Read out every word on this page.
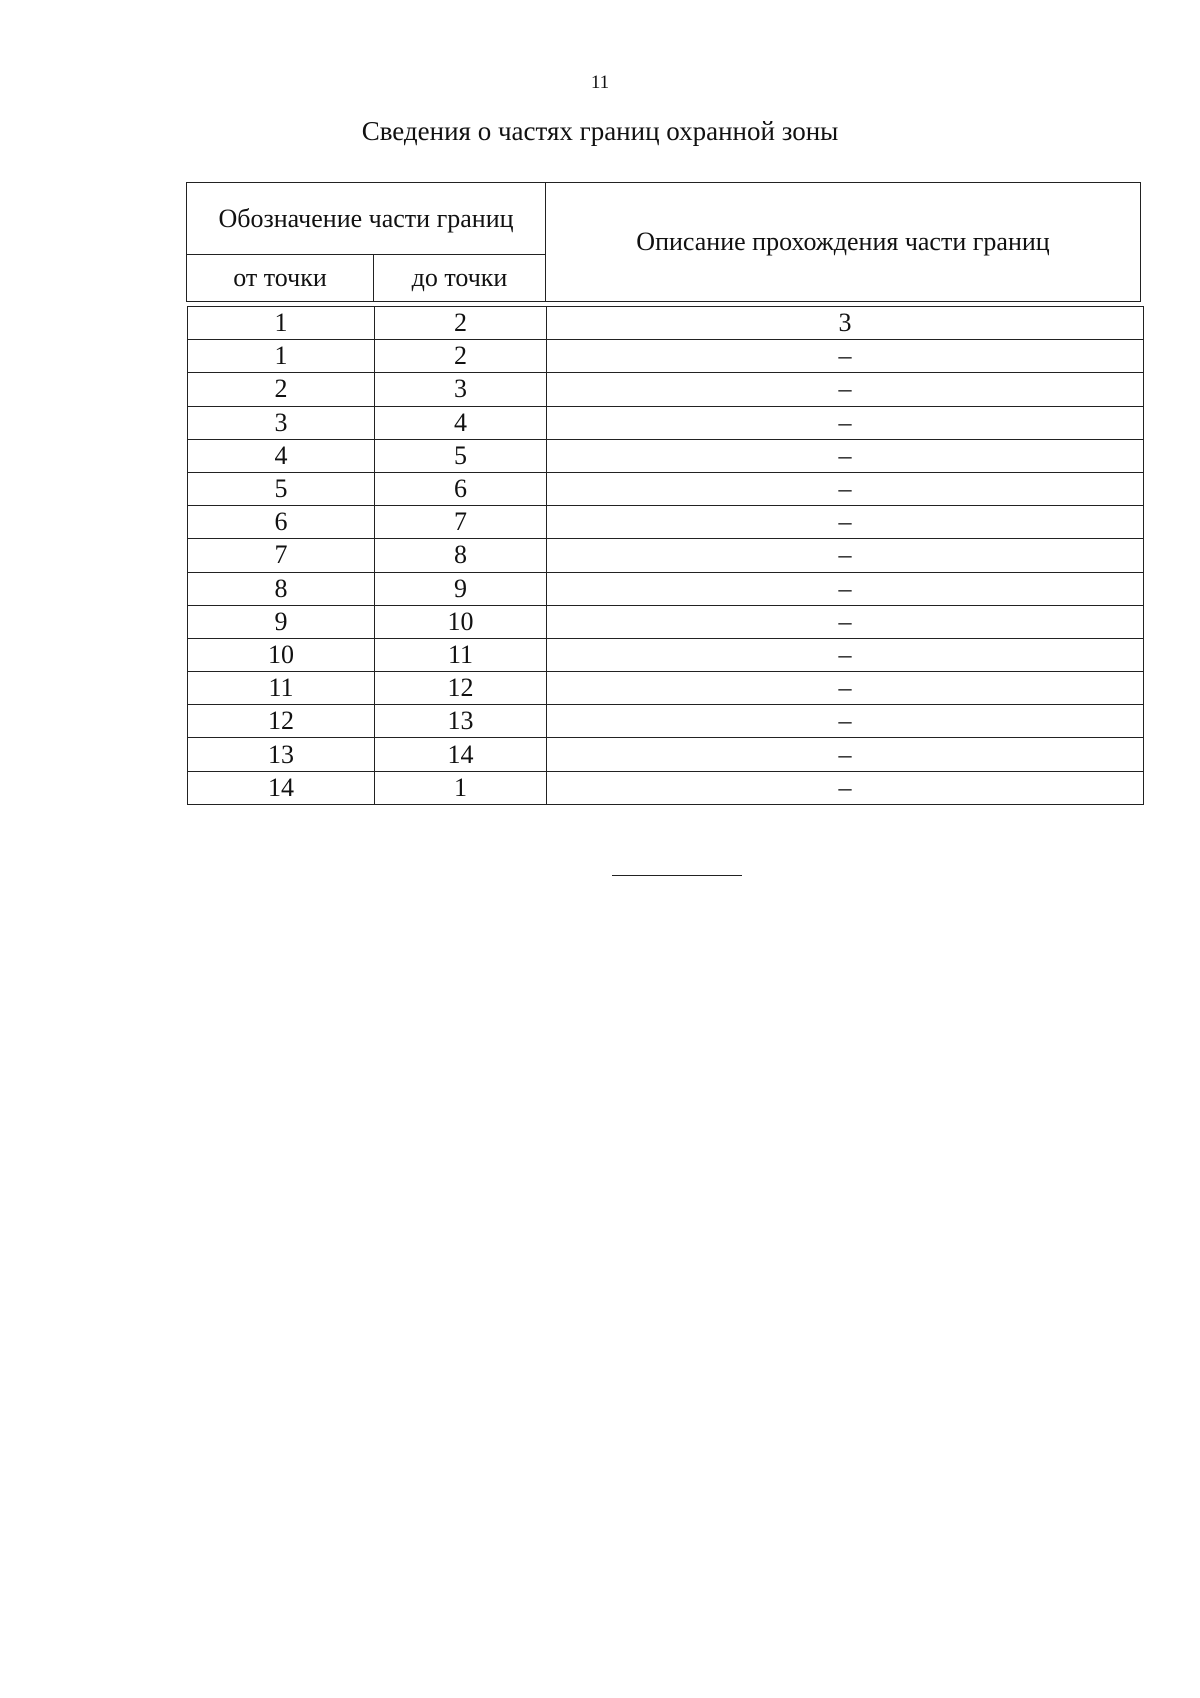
11
Сведения о частях границ охранной зоны
Обозначение части границ		Описание прохождения части границ
от точки	до точки	
1	2	3
1	2	–
2	3	–
3	4	–
4	5	–
5	6	–
6	7	–
7	8	–
8	9	–
9	10	–
10	11	–
11	12	–
12	13	–
13	14	–
14	1	–
